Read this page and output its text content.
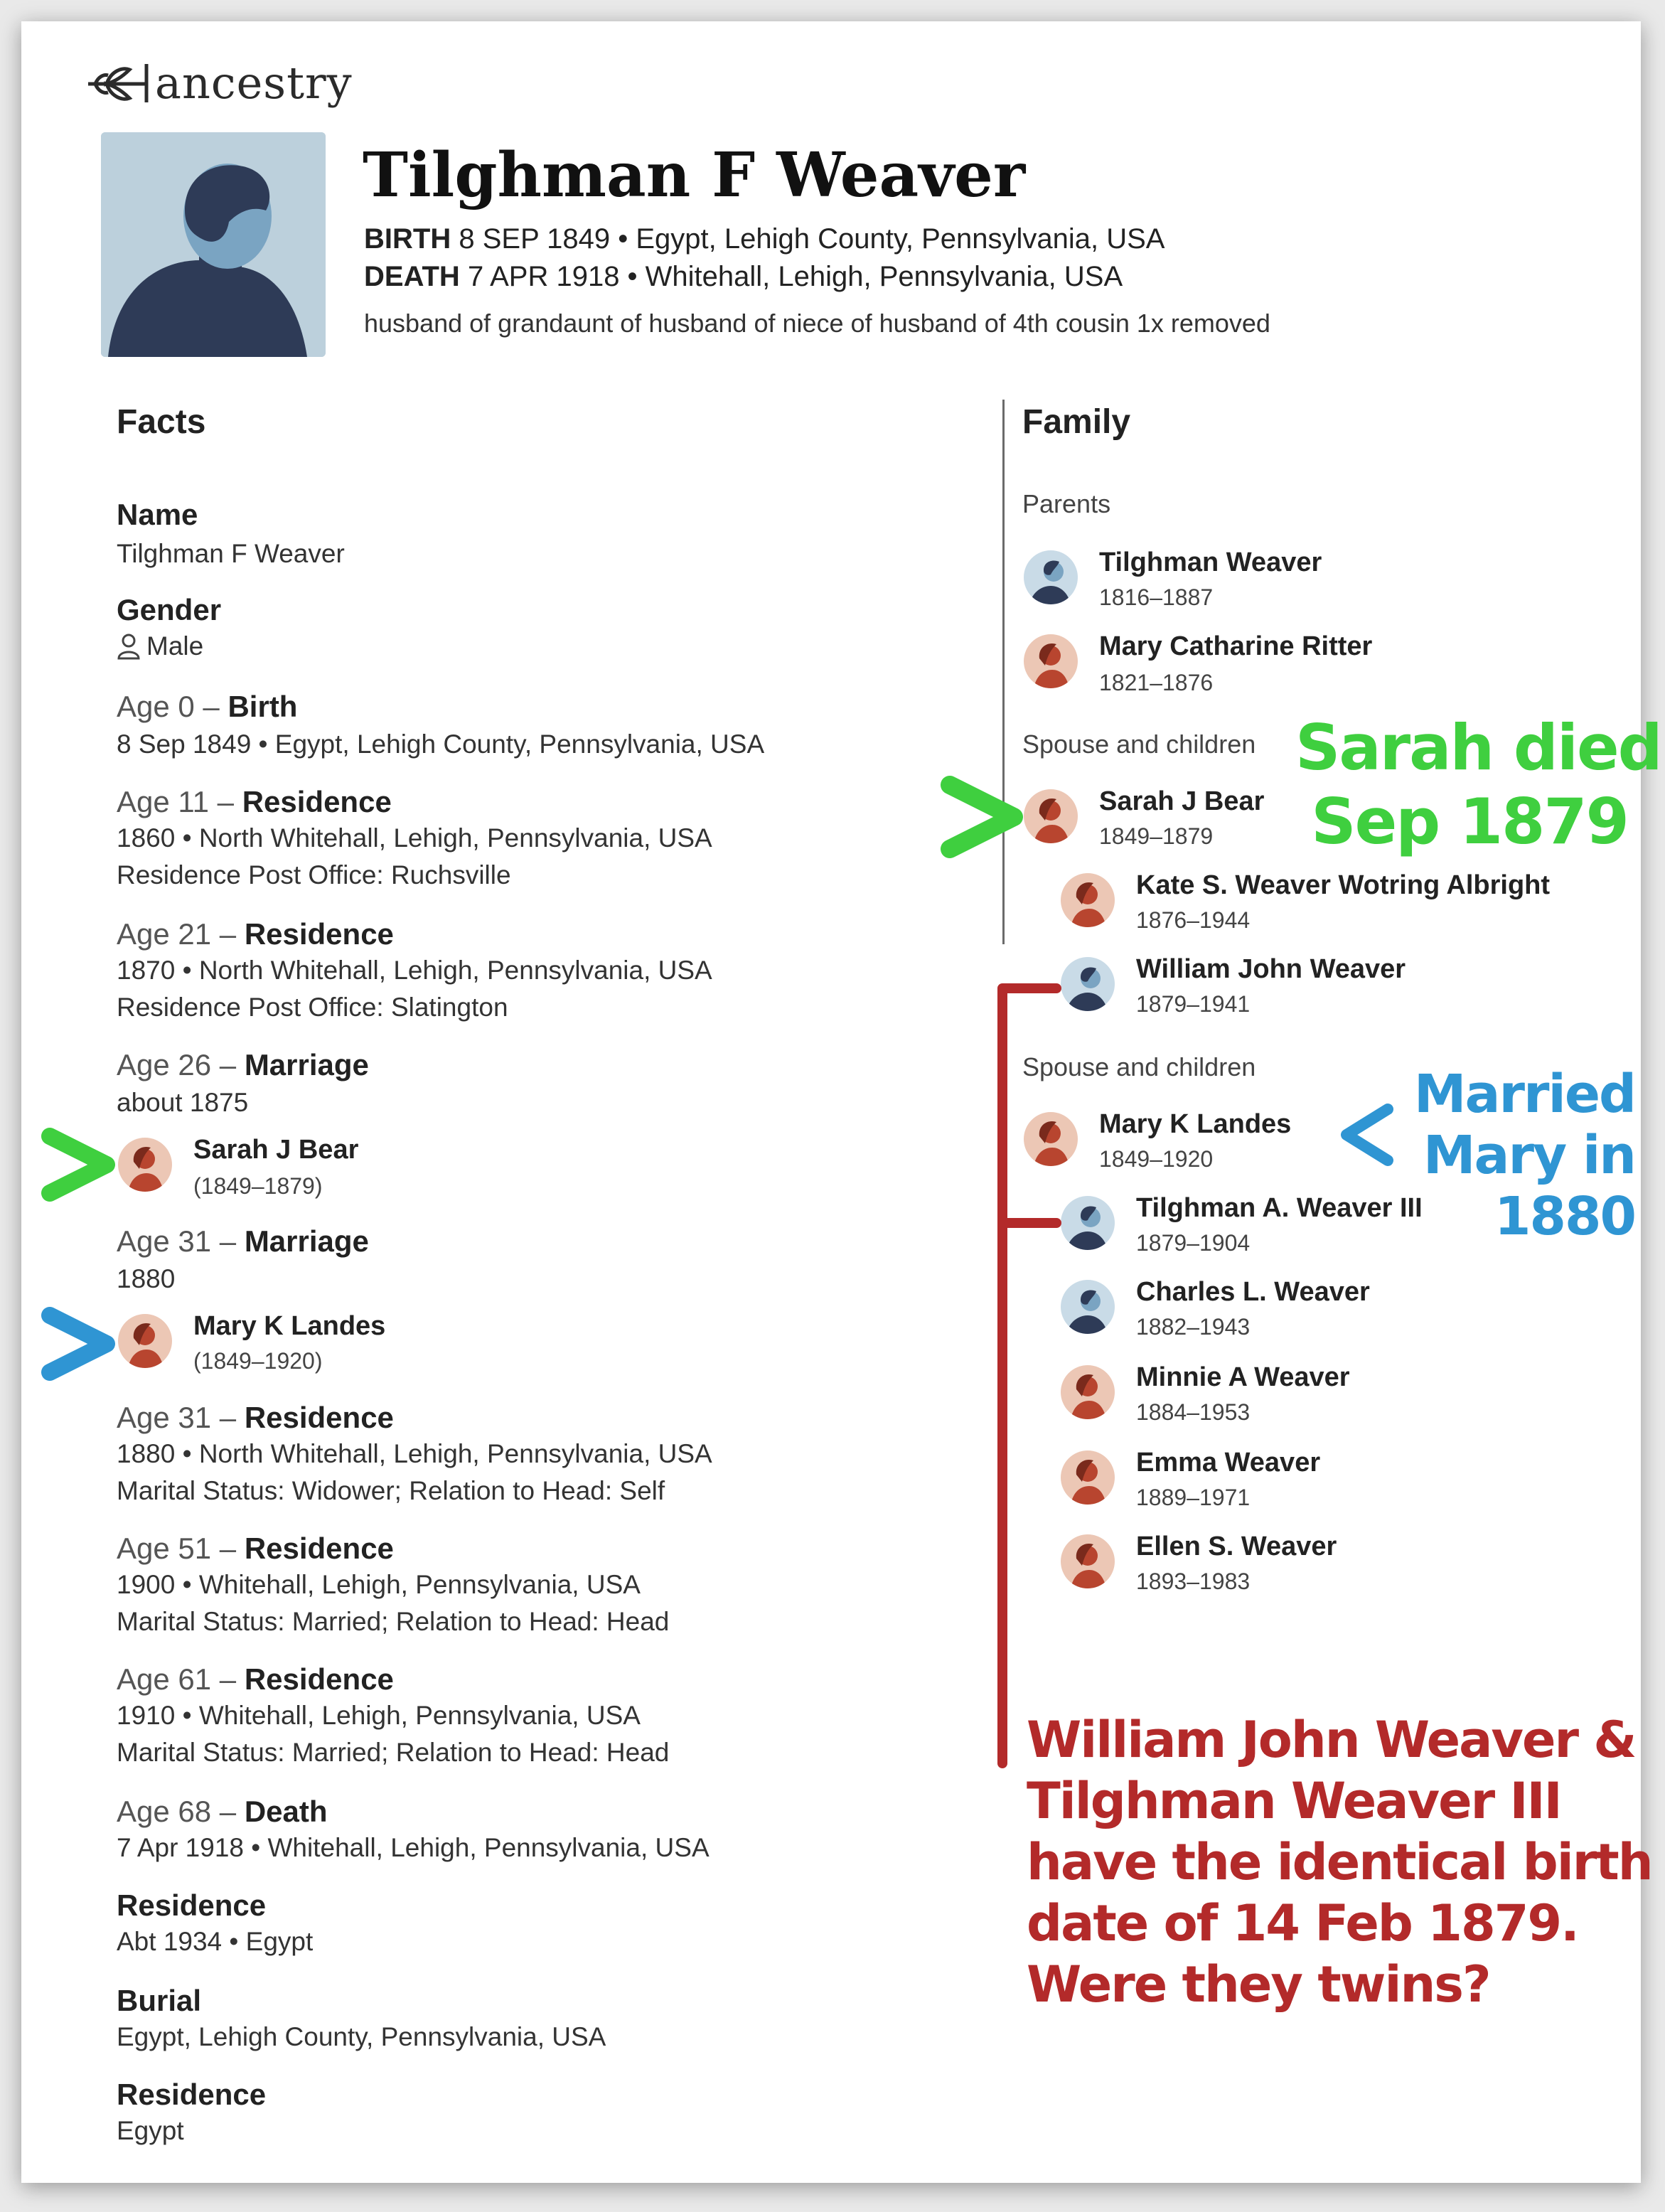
ancestry
Tilghman F Weaver
BIRTH 8 SEP 1849 • Egypt, Lehigh County, Pennsylvania, USA
DEATH 7 APR 1918 • Whitehall, Lehigh, Pennsylvania, USA
husband of grandaunt of husband of niece of husband of 4th cousin 1x removed
Facts
Name
Tilghman F Weaver
Gender
Male
Age 0 – Birth
8 Sep 1849 • Egypt, Lehigh County, Pennsylvania, USA
Age 11 – Residence
1860 • North Whitehall, Lehigh, Pennsylvania, USA
Residence Post Office: Ruchsville
Age 21 – Residence
1870 • North Whitehall, Lehigh, Pennsylvania, USA
Residence Post Office: Slatington
Age 26 – Marriage
about 1875
Sarah J Bear
(1849–1879)
Age 31 – Marriage
1880
Mary K Landes
(1849–1920)
Age 31 – Residence
1880 • North Whitehall, Lehigh, Pennsylvania, USA
Marital Status: Widower; Relation to Head: Self
Age 51 – Residence
1900 • Whitehall, Lehigh, Pennsylvania, USA
Marital Status: Married; Relation to Head: Head
Age 61 – Residence
1910 • Whitehall, Lehigh, Pennsylvania, USA
Marital Status: Married; Relation to Head: Head
Age 68 – Death
7 Apr 1918 • Whitehall, Lehigh, Pennsylvania, USA
Residence
Abt 1934 • Egypt
Burial
Egypt, Lehigh County, Pennsylvania, USA
Residence
Egypt
Family
Parents
Tilghman Weaver
1816–1887
Mary Catharine Ritter
1821–1876
Spouse and children
Sarah J Bear
1849–1879
Kate S. Weaver Wotring Albright
1876–1944
William John Weaver
1879–1941
Spouse and children
Mary K Landes
1849–1920
Tilghman A. Weaver III
1879–1904
Charles L. Weaver
1882–1943
Minnie A Weaver
1884–1953
Emma Weaver
1889–1971
Ellen S. Weaver
1893–1983
Sarah died
Sep 1879
Married
Mary in
1880
William John Weaver &
Tilghman Weaver III
have the identical birth
date of 14 Feb 1879.
Were they twins?
